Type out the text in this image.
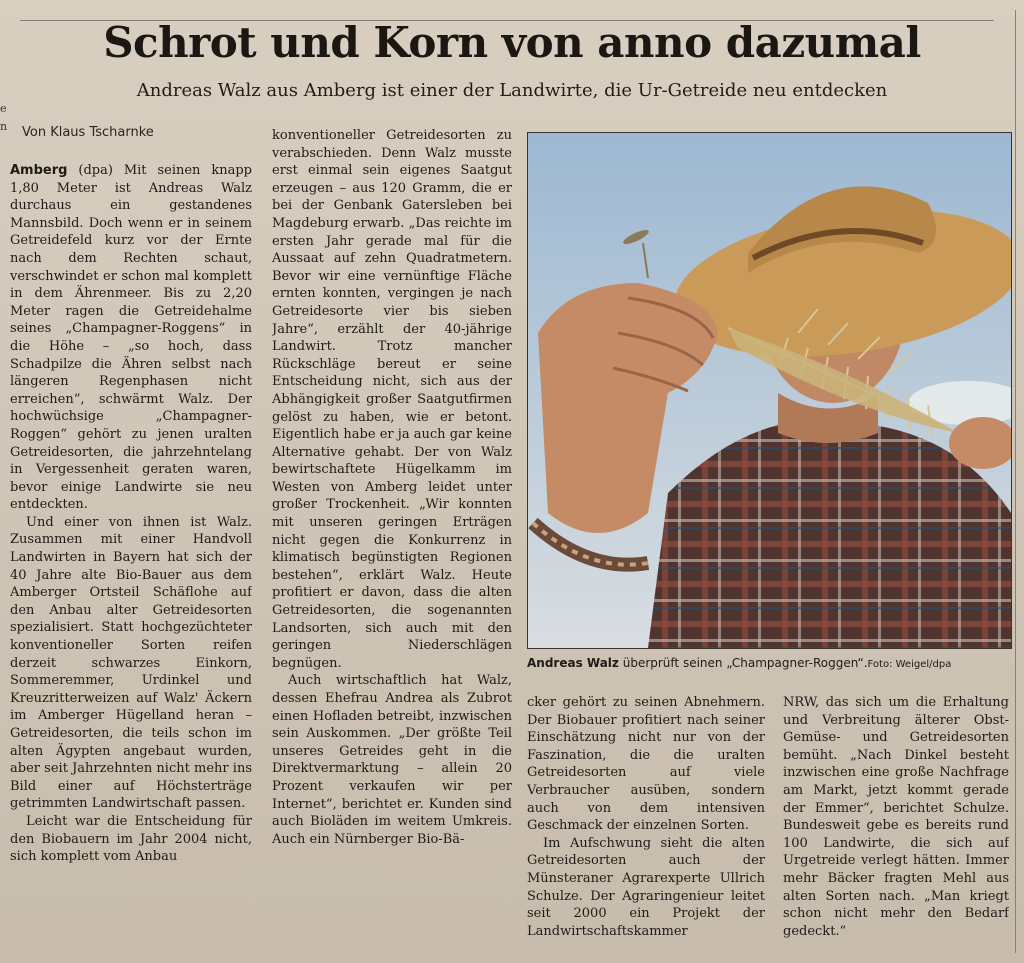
e
n
Schrot und Korn von anno dazumal
Andreas Walz aus Amberg ist einer der Landwirte, die Ur-Getreide neu entdecken
Von Klaus Tscharnke

Amberg (dpa) Mit seinen knapp 1,80 Meter ist Andreas Walz durchaus ein gestandenes Mannsbild. Doch wenn er in seinem Getreidefeld kurz vor der Ernte nach dem Rechten schaut, verschwindet er schon mal komplett in dem Ährenmeer. Bis zu 2,20 Meter ragen die Getreidehalme seines „Champagner-Roggens“ in die Höhe – „so hoch, dass Schadpilze die Ähren selbst nach längeren Regenphasen nicht erreichen“, schwärmt Walz. Der hochwüchsige „Champagner-Roggen“ gehört zu jenen uralten Getreidesorten, die jahrzehntelang in Vergessenheit geraten waren, bevor einige Landwirte sie neu entdeckten.

Und einer von ihnen ist Walz. Zusammen mit einer Handvoll Landwirten in Bayern hat sich der 40 Jahre alte Bio-Bauer aus dem Amberger Ortsteil Schäflohe auf den Anbau alter Getreidesorten spezialisiert. Statt hochgezüchteter konventioneller Sorten reifen derzeit schwarzes Einkorn, Sommeremmer, Urdinkel und Kreuzritterweizen auf Walz' Äckern im Amberger Hügelland heran – Getreidesorten, die teils schon im alten Ägypten angebaut wurden, aber seit Jahrzehnten nicht mehr ins Bild einer auf Höchsterträge getrimmten Landwirtschaft passen.

Leicht war die Entscheidung für den Biobauern im Jahr 2004 nicht, sich komplett vom Anbau

konventioneller Getreidesorten zu verabschieden. Denn Walz musste erst einmal sein eigenes Saatgut erzeugen – aus 120 Gramm, die er bei der Genbank Gatersleben bei Magdeburg erwarb. „Das reichte im ersten Jahr gerade mal für die Aussaat auf zehn Quadratmetern. Bevor wir eine vernünftige Fläche ernten konnten, vergingen je nach Getreidesorte vier bis sieben Jahre“, erzählt der 40-jährige Landwirt. Trotz mancher Rückschläge bereut er seine Entscheidung nicht, sich aus der Abhängigkeit großer Saatgutfirmen gelöst zu haben, wie er betont. Eigentlich habe er ja auch gar keine Alternative gehabt. Der von Walz bewirtschaftete Hügelkamm im Westen von Amberg leidet unter großer Trockenheit. „Wir konnten mit unseren geringen Erträgen nicht gegen die Konkurrenz in klimatisch begünstigten Regionen bestehen“, erklärt Walz. Heute profitiert er davon, dass die alten Getreidesorten, die sogenannten Landsorten, sich auch mit den geringen Niederschlägen begnügen.

Auch wirtschaftlich hat Walz, dessen Ehefrau Andrea als Zubrot einen Hofladen betreibt, inzwischen sein Auskommen. „Der größte Teil unseres Getreides geht in die Direktvermarktung – allein 20 Prozent verkaufen wir per Internet“, berichtet er. Kunden sind auch Bioläden im weitem Umkreis. Auch ein Nürnberger Bio-Bä-

Andreas Walz überprüft seinen „Champagner-Roggen“.Foto: Weigel/dpa

cker gehört zu seinen Abnehmern. Der Biobauer profitiert nach seiner Einschätzung nicht nur von der Faszination, die die uralten Getreidesorten auf viele Verbraucher ausüben, sondern auch von dem intensiven Geschmack der einzelnen Sorten.

Im Aufschwung sieht die alten Getreidesorten auch der Münsteraner Agrarexperte Ullrich Schulze. Der Agraringenieur leitet seit 2000 ein Projekt der Landwirtschaftskammer

NRW, das sich um die Erhaltung und Verbreitung älterer Obst-Gemüse- und Getreidesorten bemüht. „Nach Dinkel besteht inzwischen eine große Nachfrage am Markt, jetzt kommt gerade der Emmer“, berichtet Schulze. Bundesweit gebe es bereits rund 100 Landwirte, die sich auf Urgetreide verlegt hätten. Immer mehr Bäcker fragten Mehl aus alten Sorten nach. „Man kriegt schon nicht mehr den Bedarf gedeckt.“
